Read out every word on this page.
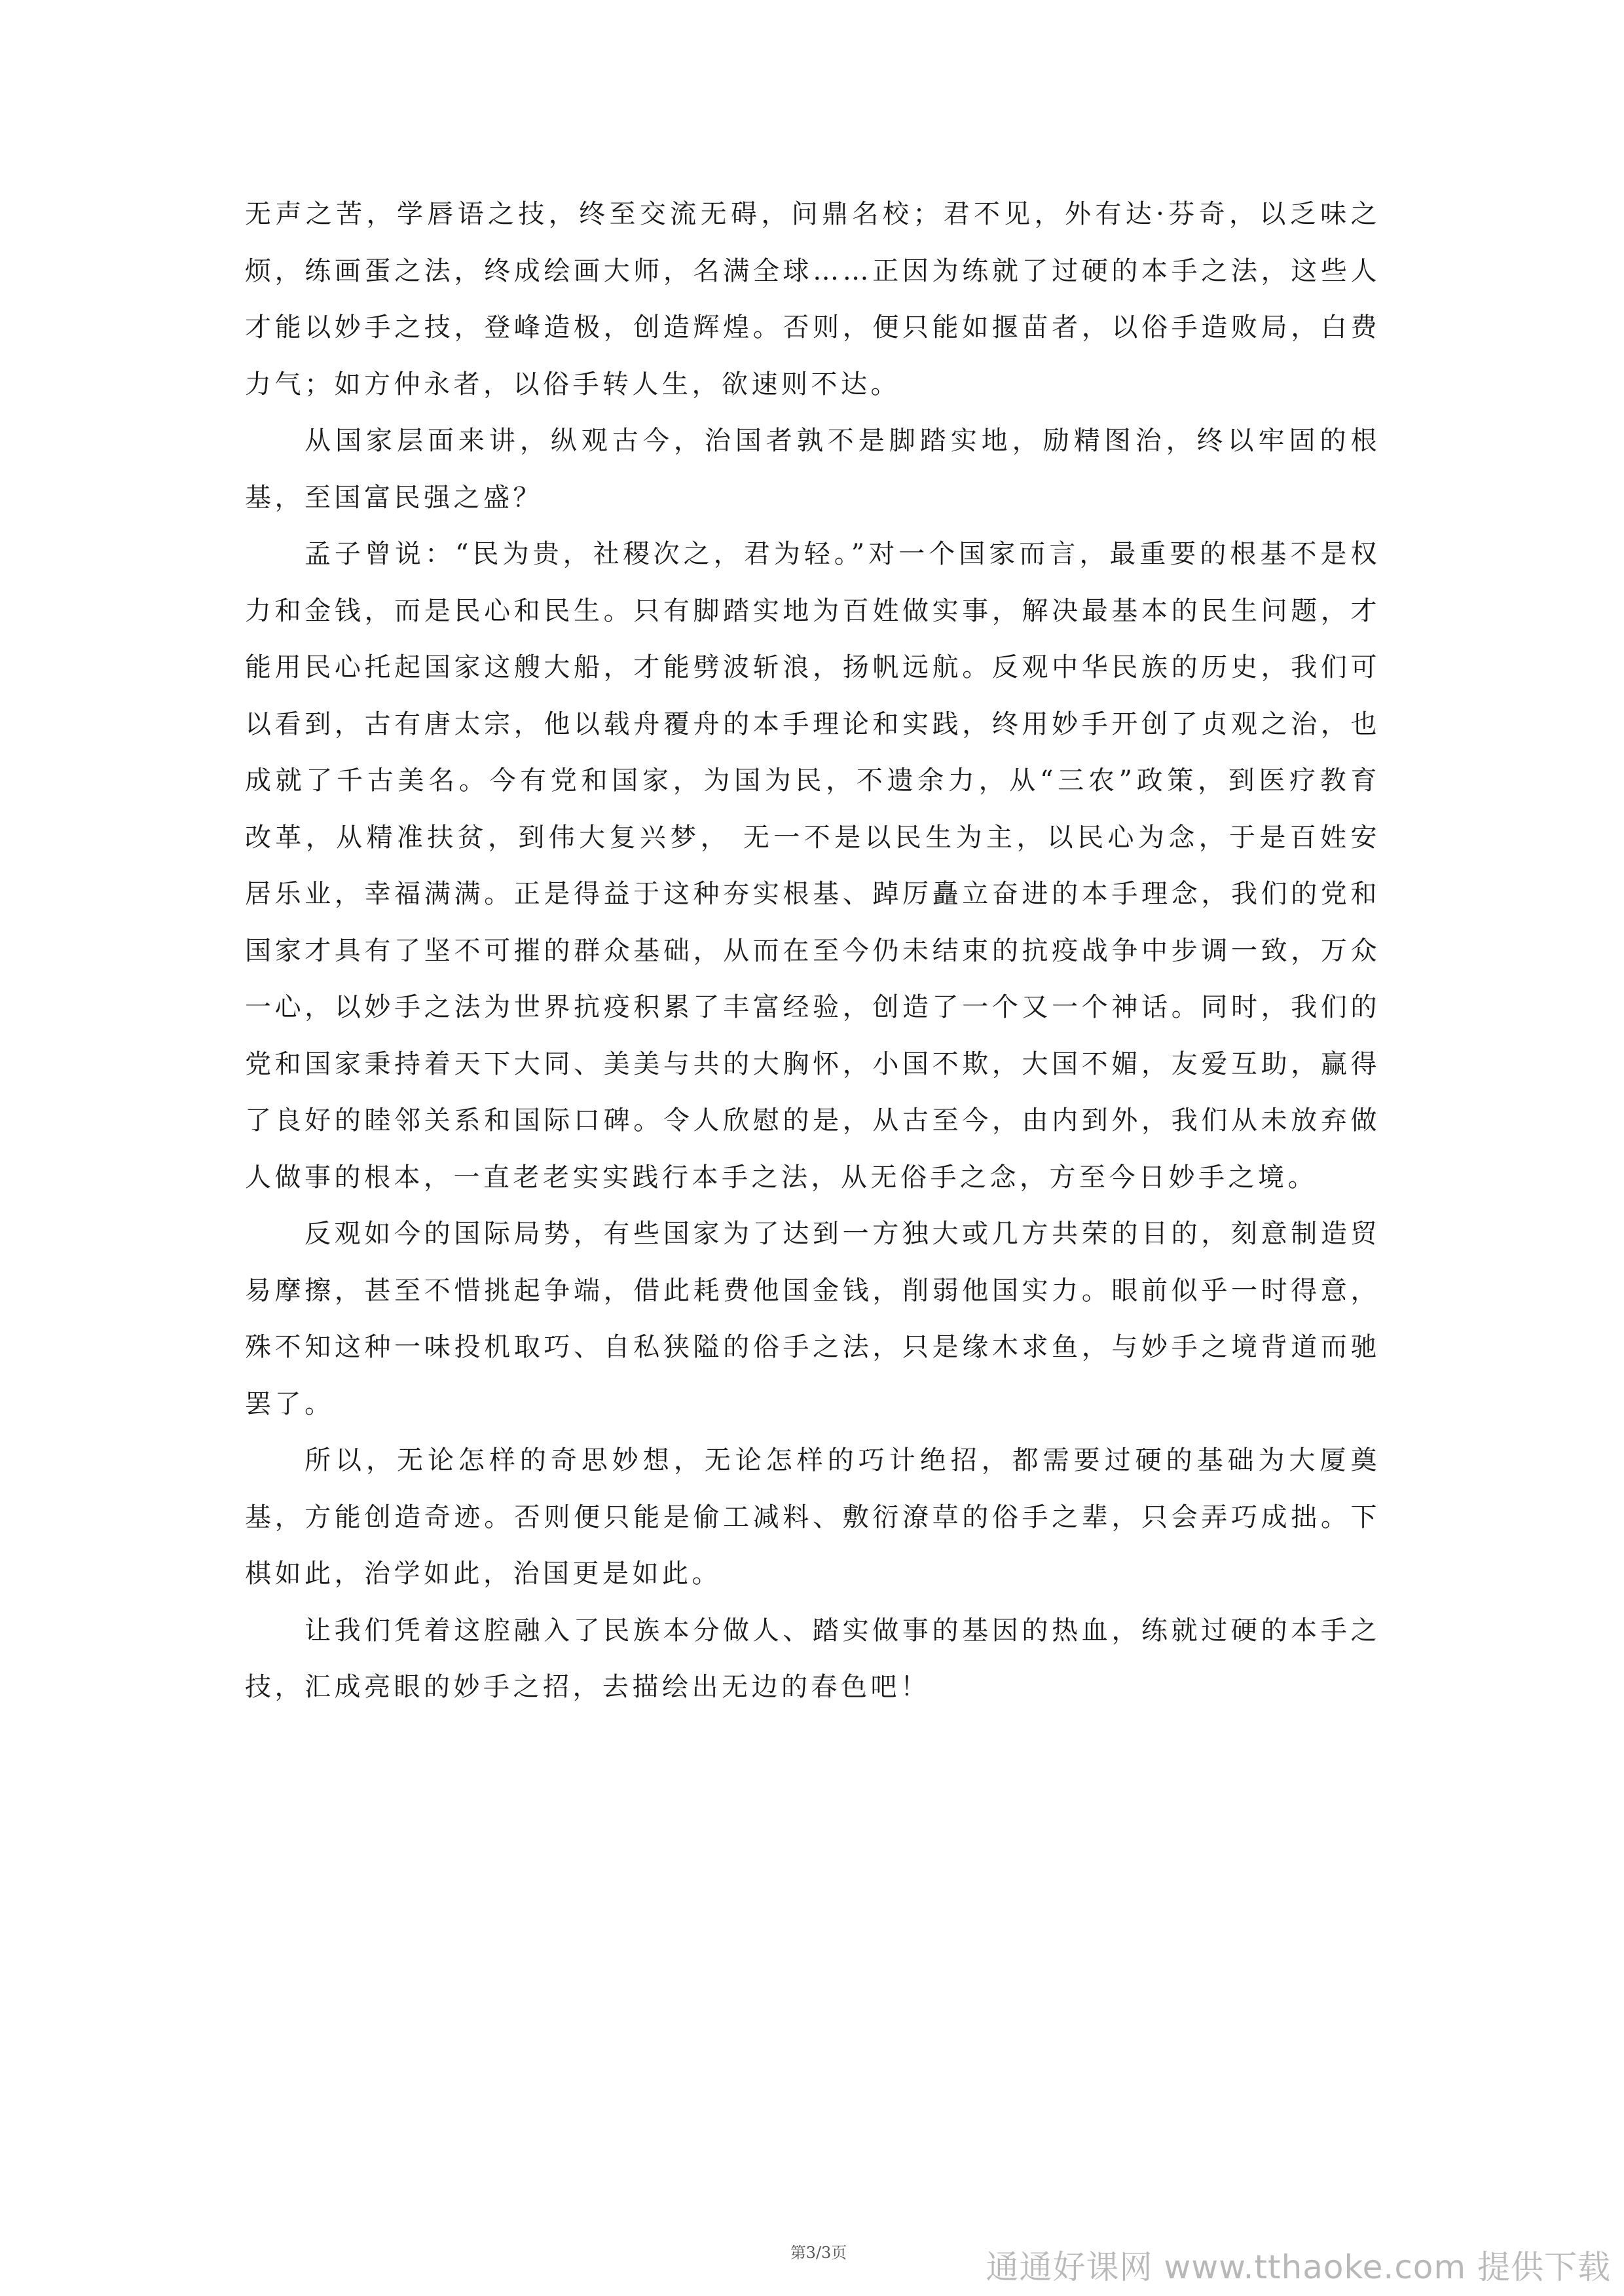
无声之苦，学唇语之技，终至交流无碍，问鼎名校；君不见，外有达·芬奇，以乏味之烦，练画蛋之法，终成绘画大师，名满全球……正因为练就了过硬的本手之法，这些人才能以妙手之技，登峰造极，创造辉煌。否则，便只能如揠苗者，以俗手造败局，白费力气；如方仲永者，以俗手转人生，欲速则不达。

从国家层面来讲，纵观古今，治国者孰不是脚踏实地，励精图治，终以牢固的根基，至国富民强之盛？

孟子曾说：“民为贵，社稷次之，君为轻。”对一个国家而言，最重要的根基不是权力和金钱，而是民心和民生。只有脚踏实地为百姓做实事，解决最基本的民生问题，才能用民心托起国家这艘大船，才能劈波斩浪，扬帆远航。反观中华民族的历史，我们可以看到，古有唐太宗，他以载舟覆舟的本手理论和实践，终用妙手开创了贞观之治，也成就了千古美名。今有党和国家，为国为民，不遗余力，从“三农”政策，到医疗教育改革，从精准扶贫，到伟大复兴梦， 无一不是以民生为主，以民心为念，于是百姓安居乐业，幸福满满。正是得益于这种夯实根基、踔厉矗立奋进的本手理念，我们的党和国家才具有了坚不可摧的群众基础，从而在至今仍未结束的抗疫战争中步调一致，万众一心，以妙手之法为世界抗疫积累了丰富经验，创造了一个又一个神话。同时，我们的党和国家秉持着天下大同、美美与共的大胸怀，小国不欺，大国不媚，友爱互助，赢得了良好的睦邻关系和国际口碑。令人欣慰的是，从古至今，由内到外，我们从未放弃做人做事的根本，一直老老实实践行本手之法，从无俗手之念，方至今日妙手之境。

反观如今的国际局势，有些国家为了达到一方独大或几方共荣的目的，刻意制造贸易摩擦，甚至不惜挑起争端，借此耗费他国金钱，削弱他国实力。眼前似乎一时得意，殊不知这种一味投机取巧、自私狭隘的俗手之法，只是缘木求鱼，与妙手之境背道而驰罢了。

所以，无论怎样的奇思妙想，无论怎样的巧计绝招，都需要过硬的基础为大厦奠基，方能创造奇迹。否则便只能是偷工减料、敷衍潦草的俗手之辈，只会弄巧成拙。下棋如此，治学如此，治国更是如此。

让我们凭着这腔融入了民族本分做人、踏实做事的基因的热血，练就过硬的本手之技，汇成亮眼的妙手之招，去描绘出无边的春色吧！

第3/3页	通通好课网 www.tthaoke.com 提供下载
